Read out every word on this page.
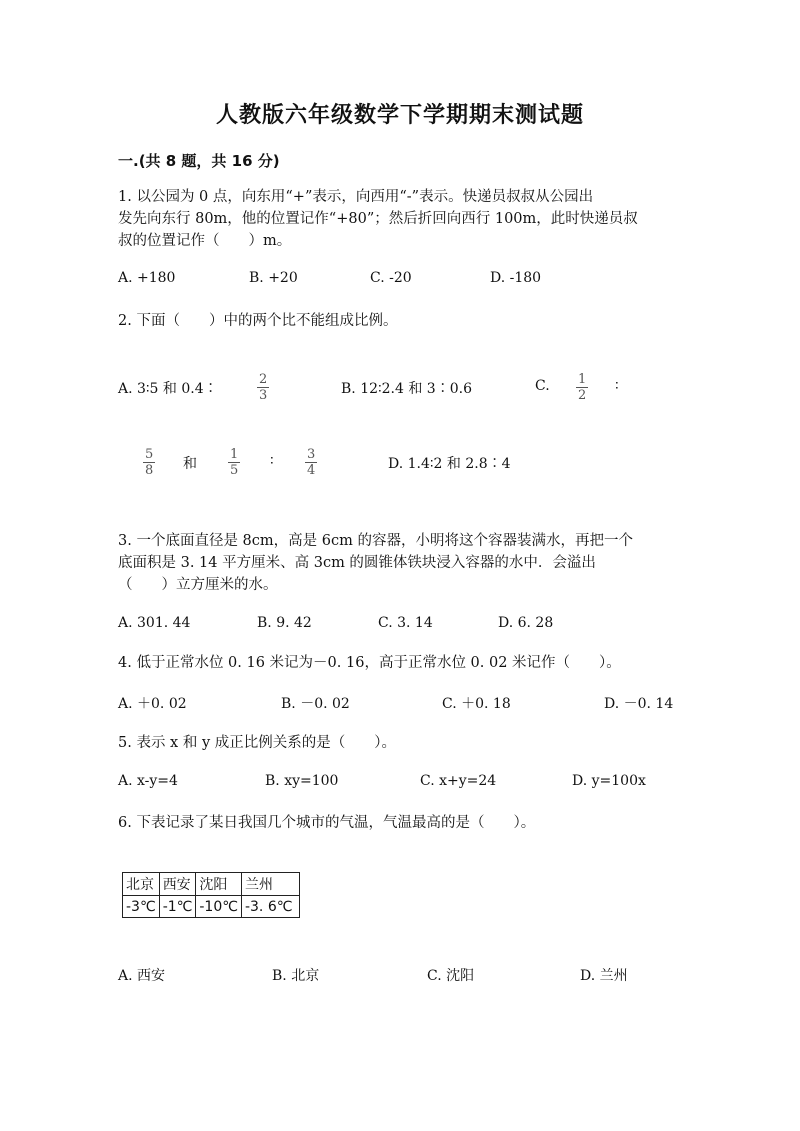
人教版六年级数学下学期期末测试题
一.(共 8 题，共 16 分)
1. 以公园为 0 点，向东用“+”表示，向西用“-”表示。快递员叔叔从公园出
发先向东行 80m，他的位置记作“+80”；然后折回向西行 100m，此时快递员叔
叔的位置记作（　　）m。
A. +180	B. +20	C. -20	D. -180
2. 下面（　　）中的两个比不能组成比例。
A. 3∶5 和 0.4∶	$\frac{2}{3}$	B. 12∶2.4 和 3∶0.6	C. $\frac{1}{2}$ ∶
$\frac{5}{8}$ 和 $\frac{1}{5}$ ∶ $\frac{3}{4}$	D. 1.4∶2 和 2.8∶4
3. 一个底面直径是 8cm，高是 6cm 的容器，小明将这个容器装满水，再把一个
底面积是 3. 14 平方厘米、高 3cm 的圆锥体铁块浸入容器的水中．会溢出
（　　）立方厘米的水。
A. 301. 44	B. 9. 42	C. 3. 14	D. 6. 28
4. 低于正常水位 0. 16 米记为－0. 16，高于正常水位 0. 02 米记作（　　）。
A. ＋0. 02	B. －0. 02	C. ＋0. 18	D. －0. 14
5. 表示 x 和 y 成正比例关系的是（　　）。
A. x-y=4	B. xy=100	C. x+y=24	D. y=100x
6. 下表记录了某日我国几个城市的气温，气温最高的是（　　）。
北京	西安	沈阳	兰州
-3℃	-1℃	-10℃	-3. 6℃
A. 西安	B. 北京	C. 沈阳	D. 兰州
